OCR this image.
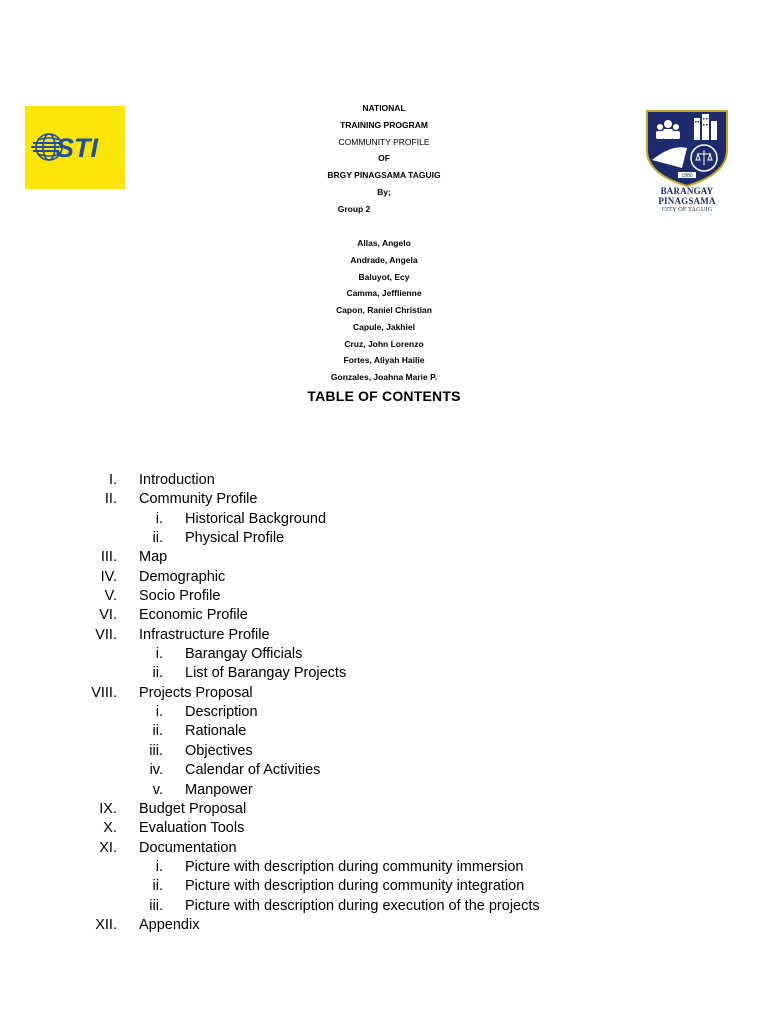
STI
1980
BARANGAY PINAGSAMA
CITY OF TAGUIG
NATIONAL
TRAINING PROGRAM
COMMUNITY PROFILE
OF
BRGY PINAGSAMA TAGUIG
By;
Group 2
Allas, Angelo
Andrade, Angela
Baluyot, Ecy
Camma, Jefflienne
Capon, Raniel Christian
Capule, Jakhiel
Cruz, John Lorenzo
Fortes, Aliyah Hailie
Gonzales, Joahna Marie P.
TABLE OF CONTENTS
I. Introduction
II. Community Profile
i. Historical Background
ii. Physical Profile
III. Map
IV. Demographic
V. Socio Profile
VI. Economic Profile
VII. Infrastructure Profile
i. Barangay Officials
ii. List of Barangay Projects
VIII. Projects Proposal
i. Description
ii. Rationale
iii. Objectives
iv. Calendar of Activities
v. Manpower
IX. Budget Proposal
X. Evaluation Tools
XI. Documentation
i. Picture with description during community immersion
ii. Picture with description during community integration
iii. Picture with description during execution of the projects
XII. Appendix
